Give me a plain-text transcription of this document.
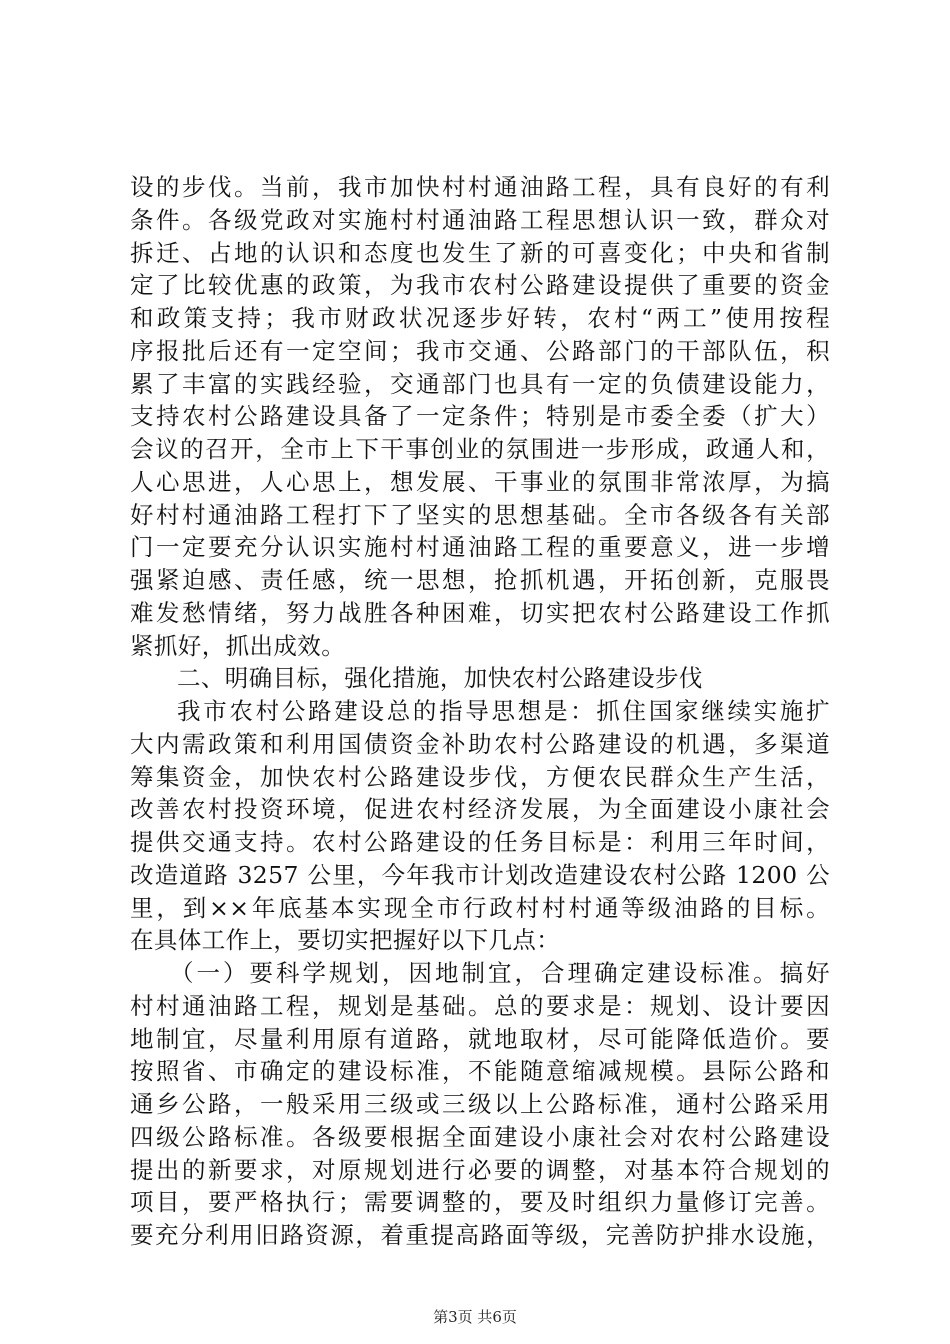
设的步伐。当前，我市加快村村通油路工程，具有良好的有利
条件。各级党政对实施村村通油路工程思想认识一致，群众对
拆迁、占地的认识和态度也发生了新的可喜变化；中央和省制
定了比较优惠的政策，为我市农村公路建设提供了重要的资金
和政策支持；我市财政状况逐步好转，农村“两工”使用按程
序报批后还有一定空间；我市交通、公路部门的干部队伍，积
累了丰富的实践经验，交通部门也具有一定的负债建设能力，
支持农村公路建设具备了一定条件；特别是市委全委（扩大）
会议的召开，全市上下干事创业的氛围进一步形成，政通人和，
人心思进，人心思上，想发展、干事业的氛围非常浓厚，为搞
好村村通油路工程打下了坚实的思想基础。全市各级各有关部
门一定要充分认识实施村村通油路工程的重要意义，进一步增
强紧迫感、责任感，统一思想，抢抓机遇，开拓创新，克服畏
难发愁情绪，努力战胜各种困难，切实把农村公路建设工作抓
紧抓好，抓出成效。
二、明确目标，强化措施，加快农村公路建设步伐
我市农村公路建设总的指导思想是：抓住国家继续实施扩
大内需政策和利用国债资金补助农村公路建设的机遇，多渠道
筹集资金，加快农村公路建设步伐，方便农民群众生产生活，
改善农村投资环境，促进农村经济发展，为全面建设小康社会
提供交通支持。农村公路建设的任务目标是：利用三年时间，
改造道路 3257 公里，今年我市计划改造建设农村公路 1200 公
里，到××年底基本实现全市行政村村村通等级油路的目标。
在具体工作上，要切实把握好以下几点：
（一）要科学规划，因地制宜，合理确定建设标准。搞好
村村通油路工程，规划是基础。总的要求是：规划、设计要因
地制宜，尽量利用原有道路，就地取材，尽可能降低造价。要
按照省、市确定的建设标准，不能随意缩减规模。县际公路和
通乡公路，一般采用三级或三级以上公路标准，通村公路采用
四级公路标准。各级要根据全面建设小康社会对农村公路建设
提出的新要求，对原规划进行必要的调整，对基本符合规划的
项目，要严格执行；需要调整的，要及时组织力量修订完善。
要充分利用旧路资源，着重提高路面等级，完善防护排水设施，
第3页 共6页
